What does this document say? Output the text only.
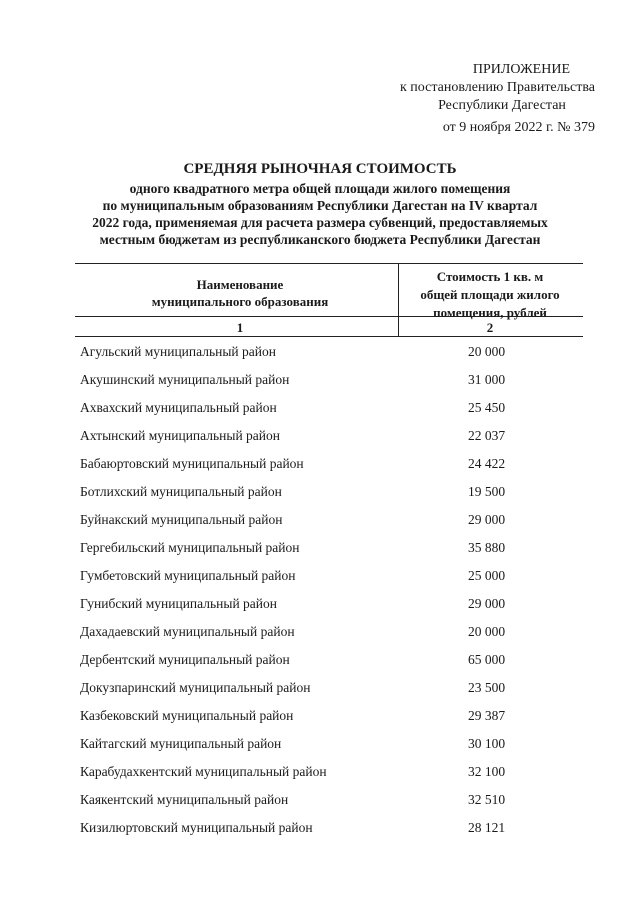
ПРИЛОЖЕНИЕ
к постановлению Правительства
Республики Дагестан
от 9 ноября 2022 г. № 379
СРЕДНЯЯ РЫНОЧНАЯ СТОИМОСТЬ
одного квадратного метра общей площади жилого помещения
по муниципальным образованиям Республики Дагестан на IV квартал
2022 года, применяемая для расчета размера субвенций, предоставляемых
местным бюджетам из республиканского бюджета Республики Дагестан
Наименование
муниципального образования
Стоимость 1 кв. м
общей площади жилого
помещения, рублей
1	2
Агульский муниципальный район	20 000
Акушинский муниципальный район	31 000
Ахвахский муниципальный район	25 450
Ахтынский муниципальный район	22 037
Бабаюртовский муниципальный район	24 422
Ботлихский муниципальный район	19 500
Буйнакский муниципальный район	29 000
Гергебильский муниципальный район	35 880
Гумбетовский муниципальный район	25 000
Гунибский муниципальный район	29 000
Дахадаевский муниципальный район	20 000
Дербентский муниципальный район	65 000
Докузпаринский муниципальный район	23 500
Казбековский муниципальный район	29 387
Кайтагский муниципальный район	30 100
Карабудахкентский муниципальный район	32 100
Каякентский муниципальный район	32 510
Кизилюртовский муниципальный район	28 121
